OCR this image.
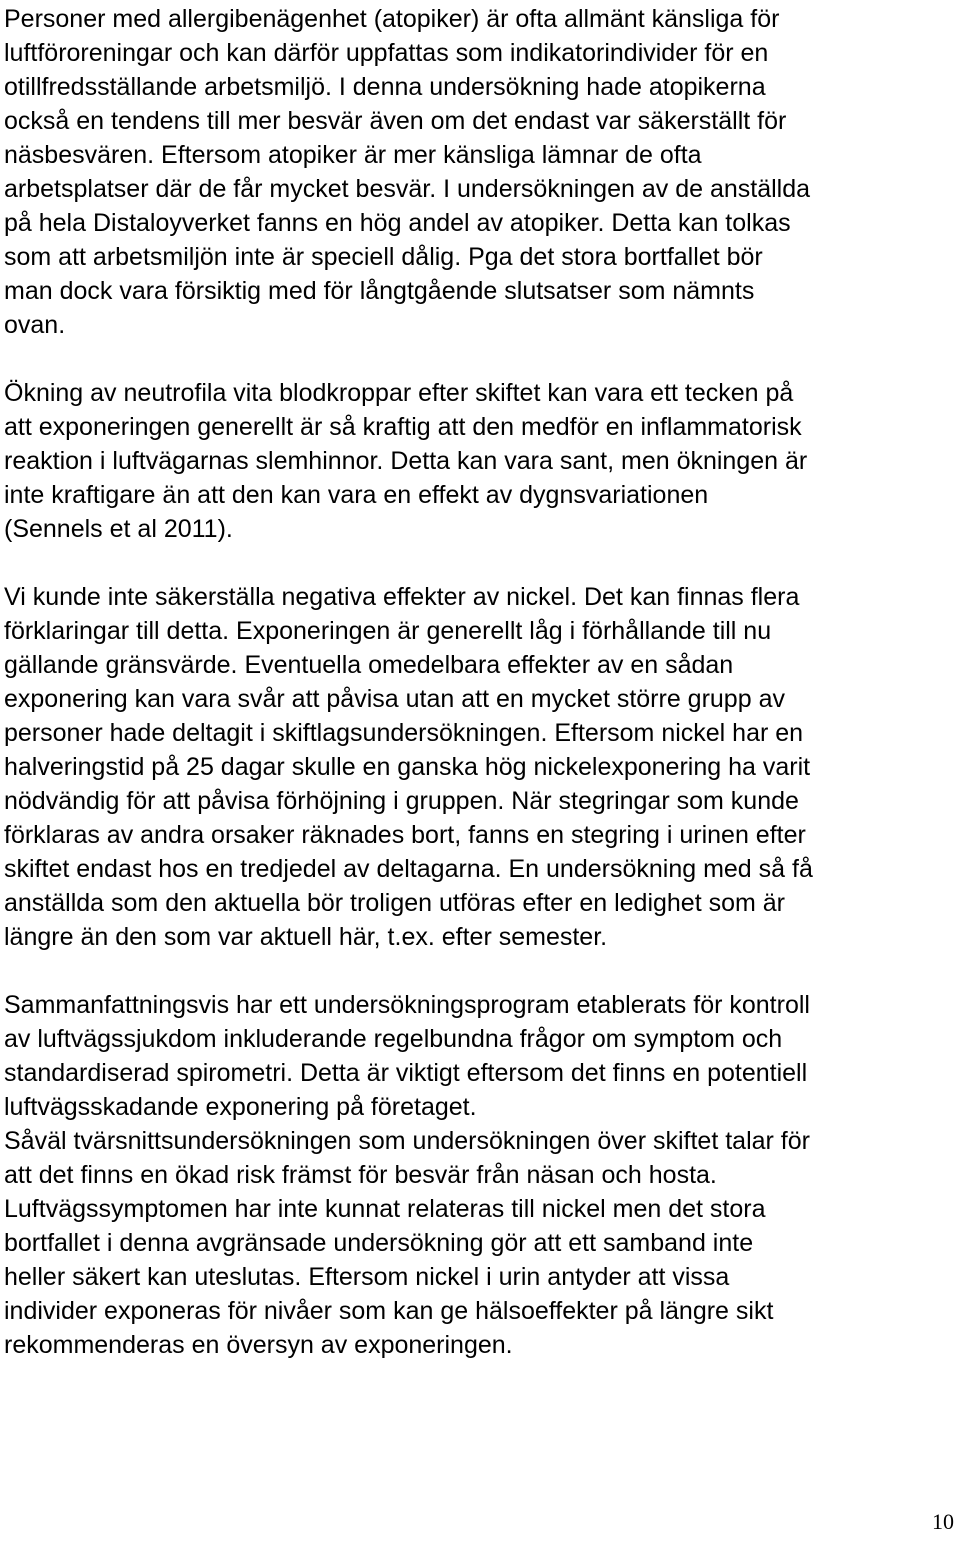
Personer med allergibenägenhet (atopiker) är ofta allmänt känsliga för
luftföroreningar och kan därför uppfattas som indikatorindivider för en
otillfredsställande arbetsmiljö. I denna undersökning hade atopikerna
också en tendens till mer besvär även om det endast var säkerställt för
näsbesvären. Eftersom atopiker är mer känsliga lämnar de ofta
arbetsplatser där de får mycket besvär. I undersökningen av de anställda
på hela Distaloyverket fanns en hög andel av atopiker. Detta kan tolkas
som att arbetsmiljön inte är speciell dålig. Pga det stora bortfallet bör
man dock vara försiktig med för långtgående slutsatser som nämnts
ovan.
Ökning av neutrofila vita blodkroppar efter skiftet kan vara ett tecken på
att exponeringen generellt är så kraftig att den medför en inflammatorisk
reaktion i luftvägarnas slemhinnor. Detta kan vara sant, men ökningen är
inte kraftigare än att den kan vara en effekt av dygnsvariationen
(Sennels et al 2011).
Vi kunde inte säkerställa negativa effekter av nickel. Det kan finnas flera
förklaringar till detta. Exponeringen är generellt låg i förhållande till nu
gällande gränsvärde. Eventuella omedelbara effekter av en sådan
exponering kan vara svår att påvisa utan att en mycket större grupp av
personer hade deltagit i skiftlagsundersökningen. Eftersom nickel har en
halveringstid på 25 dagar skulle en ganska hög nickelexponering ha varit
nödvändig för att påvisa förhöjning i gruppen. När stegringar som kunde
förklaras av andra orsaker räknades bort, fanns en stegring i urinen efter
skiftet endast hos en tredjedel av deltagarna. En undersökning med så få
anställda som den aktuella bör troligen utföras efter en ledighet som är
längre än den som var aktuell här, t.ex. efter semester.
Sammanfattningsvis har ett undersökningsprogram etablerats för kontroll
av luftvägssjukdom inkluderande regelbundna frågor om symptom och
standardiserad spirometri. Detta är viktigt eftersom det finns en potentiell
luftvägsskadande exponering på företaget.
Såväl tvärsnittsundersökningen som undersökningen över skiftet talar för
att det finns en ökad risk främst för besvär från näsan och hosta.
Luftvägssymptomen har inte kunnat relateras till nickel men det stora
bortfallet i denna avgränsade undersökning gör att ett samband inte
heller säkert kan uteslutas. Eftersom nickel i urin antyder att vissa
individer exponeras för nivåer som kan ge hälsoeffekter på längre sikt
rekommenderas en översyn av exponeringen.
10
